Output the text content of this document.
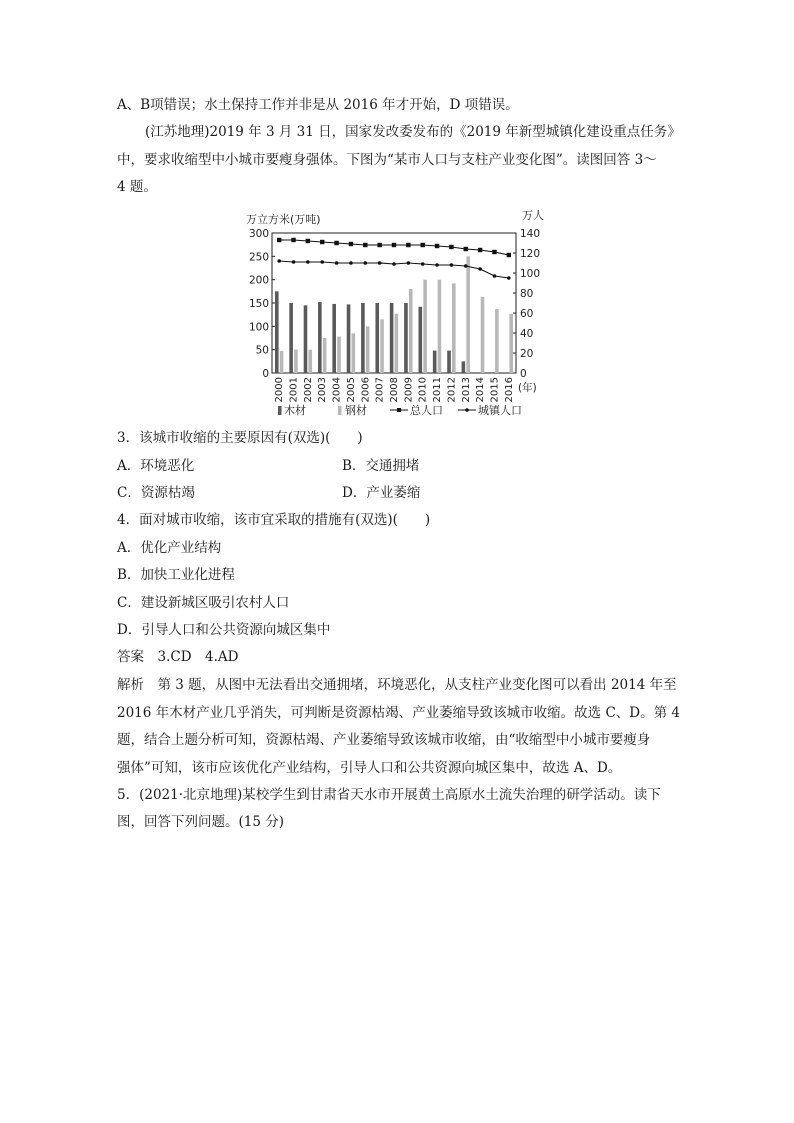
A、B项错误；水土保持工作并非是从 2016 年才开始，D 项错误。
(江苏地理)2019 年 3 月 31 日，国家发改委发布的《2019 年新型城镇化建设重点任务》
中，要求收缩型中小城市要瘦身强体。下图为“某市人口与支柱产业变化图”。读图回答 3～
4 题。
万立方米(万吨)	万人
0
50
100
150
200
250
300
0
20
40
60
80
100
120
140
2000 2001 2002 2003 2004 2005 2006 2007 2008 2009 2010 2011 2012 2013 2014 2015 2016 (年)
木材	钢材	总人口	城镇人口
3．该城市收缩的主要原因有(双选)(　　)
A．环境恶化	B．交通拥堵
C．资源枯竭	D．产业萎缩
4．面对城市收缩，该市宜采取的措施有(双选)(　　)
A．优化产业结构
B．加快工业化进程
C．建设新城区吸引农村人口
D．引导人口和公共资源向城区集中
答案　3.CD　4.AD
解析　第 3 题，从图中无法看出交通拥堵，环境恶化，从支柱产业变化图可以看出 2014 年至
2016 年木材产业几乎消失，可判断是资源枯竭、产业萎缩导致该城市收缩。故选 C、D。第 4
题，结合上题分析可知，资源枯竭、产业萎缩导致该城市收缩，由“收缩型中小城市要瘦身
强体”可知，该市应该优化产业结构，引导人口和公共资源向城区集中，故选 A、D。
5．(2021·北京地理)某校学生到甘肃省天水市开展黄土高原水土流失治理的研学活动。读下
图，回答下列问题。(15 分)
